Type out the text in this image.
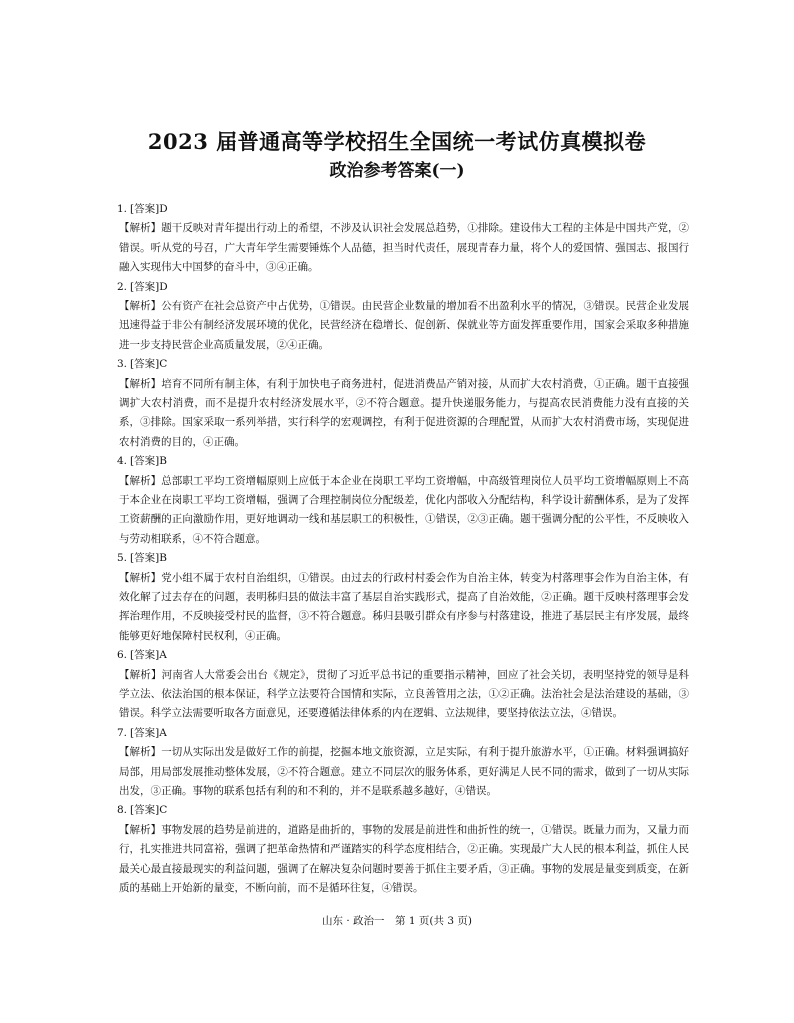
2023 届普通高等学校招生全国统一考试仿真模拟卷
政治参考答案(一)
1. [答案]D
【解析】题干反映对青年提出行动上的希望，不涉及认识社会发展总趋势，①排除。建设伟大工程的主体是中国共产党，②错误。听从党的号召，广大青年学生需要锤炼个人品德，担当时代责任，展现青春力量，将个人的爱国情、强国志、报国行融入实现伟大中国梦的奋斗中，③④正确。
2. [答案]D
【解析】公有资产在社会总资产中占优势，①错误。由民营企业数量的增加看不出盈利水平的情况，③错误。民营企业发展迅速得益于非公有制经济发展环境的优化，民营经济在稳增长、促创新、保就业等方面发挥重要作用，国家会采取多种措施进一步支持民营企业高质量发展，②④正确。
3. [答案]C
【解析】培育不同所有制主体，有利于加快电子商务进村，促进消费品产销对接，从而扩大农村消费，①正确。题干直接强调扩大农村消费，而不是提升农村经济发展水平，②不符合题意。提升快递服务能力，与提高农民消费能力没有直接的关系，③排除。国家采取一系列举措，实行科学的宏观调控，有利于促进资源的合理配置，从而扩大农村消费市场，实现促进农村消费的目的，④正确。
4. [答案]B
【解析】总部职工平均工资增幅原则上应低于本企业在岗职工平均工资增幅，中高级管理岗位人员平均工资增幅原则上不高于本企业在岗职工平均工资增幅，强调了合理控制岗位分配级差，优化内部收入分配结构，科学设计薪酬体系，是为了发挥工资薪酬的正向激励作用，更好地调动一线和基层职工的积极性，①错误，②③正确。题干强调分配的公平性，不反映收入与劳动相联系，④不符合题意。
5. [答案]B
【解析】党小组不属于农村自治组织，①错误。由过去的行政村村委会作为自治主体，转变为村落理事会作为自治主体，有效化解了过去存在的问题，表明秭归县的做法丰富了基层自治实践形式，提高了自治效能，②正确。题干反映村落理事会发挥治理作用，不反映接受村民的监督，③不符合题意。秭归县吸引群众有序参与村落建设，推进了基层民主有序发展，最终能够更好地保障村民权利，④正确。
6. [答案]A
【解析】河南省人大常委会出台《规定》，贯彻了习近平总书记的重要指示精神，回应了社会关切，表明坚持党的领导是科学立法、依法治国的根本保证，科学立法要符合国情和实际，立良善管用之法，①②正确。法治社会是法治建设的基础，③错误。科学立法需要听取各方面意见，还要遵循法律体系的内在逻辑、立法规律，要坚持依法立法，④错误。
7. [答案]A
【解析】一切从实际出发是做好工作的前提，挖掘本地文旅资源，立足实际，有利于提升旅游水平，①正确。材料强调搞好局部，用局部发展推动整体发展，②不符合题意。建立不同层次的服务体系，更好满足人民不同的需求，做到了一切从实际出发，③正确。事物的联系包括有利的和不利的，并不是联系越多越好，④错误。
8. [答案]C
【解析】事物发展的趋势是前进的，道路是曲折的，事物的发展是前进性和曲折性的统一，①错误。既量力而为，又量力而行，扎实推进共同富裕，强调了把革命热情和严谨踏实的科学态度相结合，②正确。实现最广大人民的根本利益，抓住人民最关心最直接最现实的利益问题，强调了在解决复杂问题时要善于抓住主要矛盾，③正确。事物的发展是量变到质变，在新质的基础上开始新的量变，不断向前，而不是循环往复，④错误。
山东 · 政治一　第 1 页(共 3 页)
